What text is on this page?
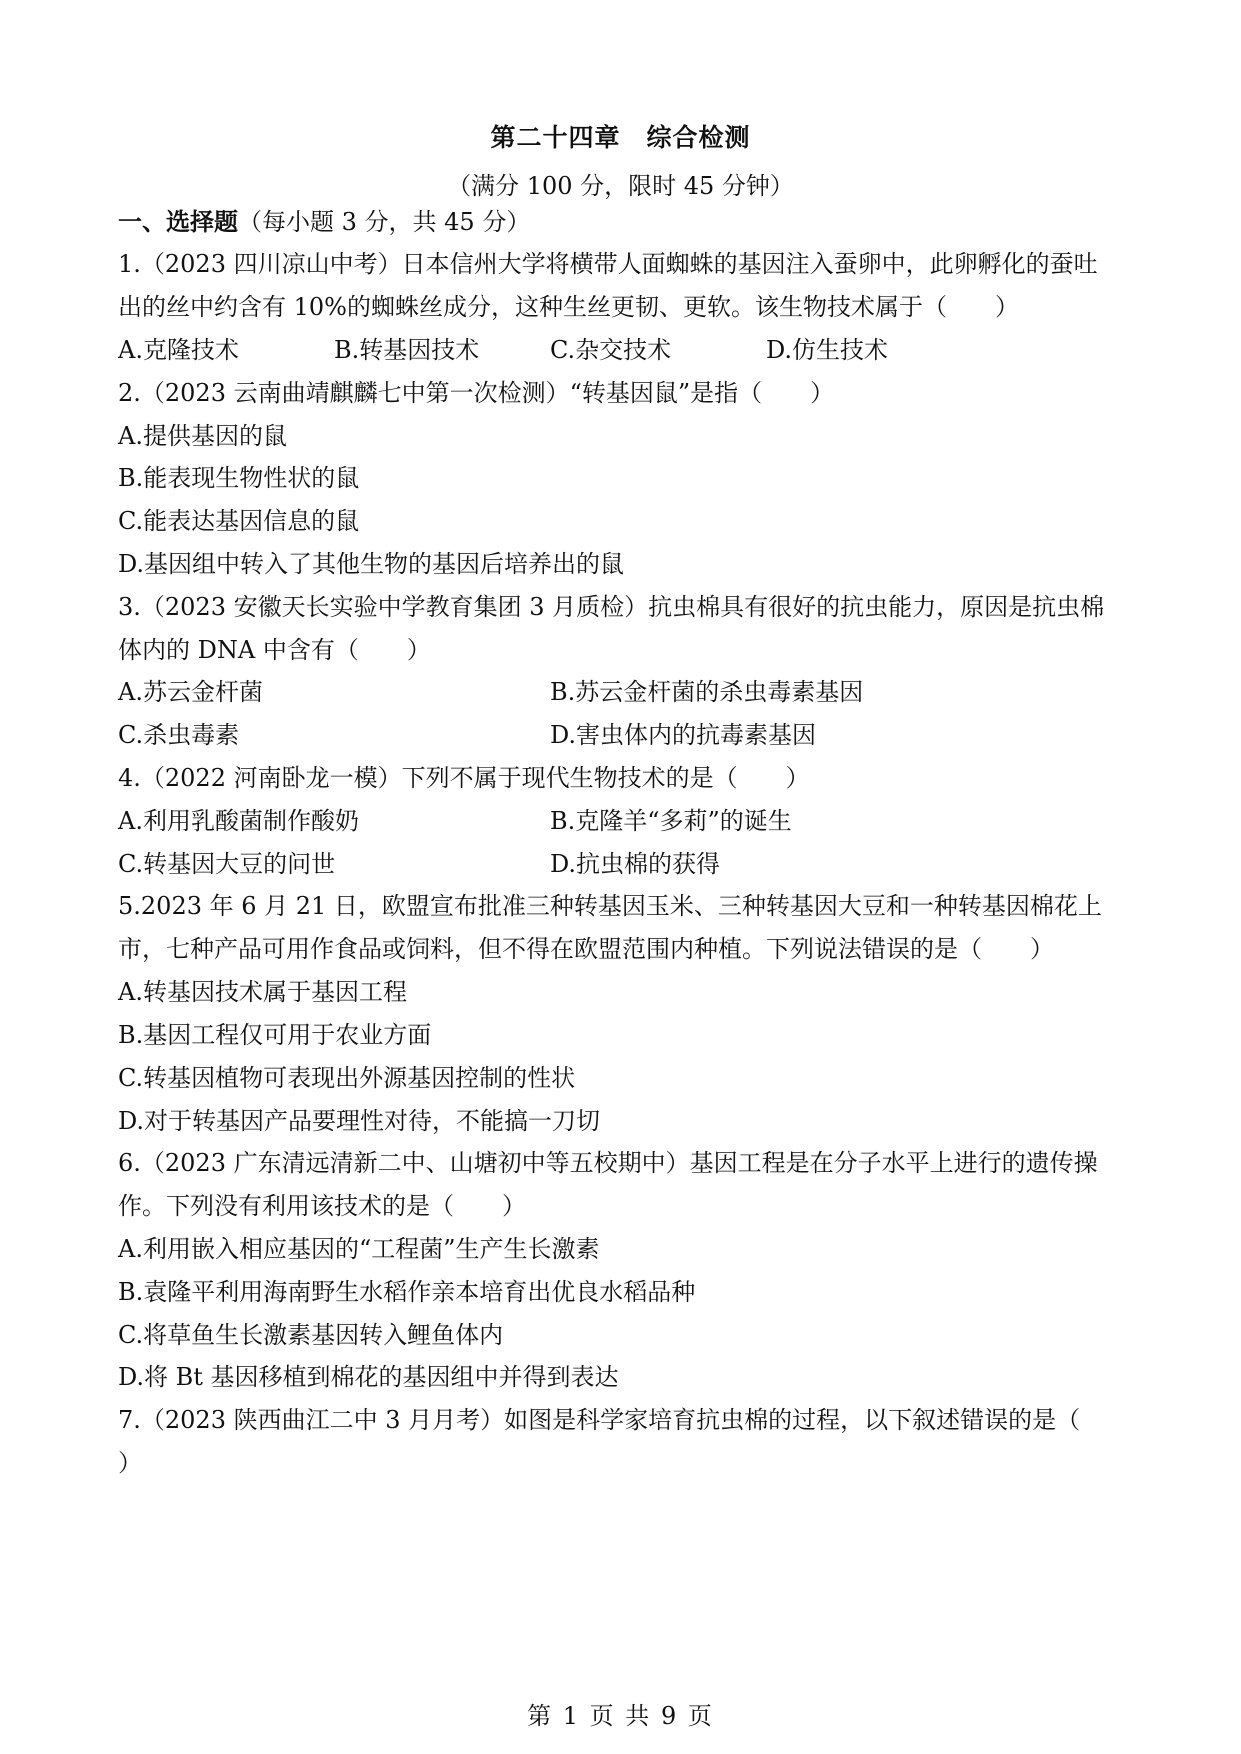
第二十四章　综合检测
（满分 100 分，限时 45 分钟）
一、选择题（每小题 3 分，共 45 分）
1.（2023 四川凉山中考）日本信州大学将横带人面蜘蛛的基因注入蚕卵中，此卵孵化的蚕吐
出的丝中约含有 10%的蜘蛛丝成分，这种生丝更韧、更软。该生物技术属于（　　）
A.克隆技术	B.转基因技术	C.杂交技术	D.仿生技术
2.（2023 云南曲靖麒麟七中第一次检测）“转基因鼠”是指（　　）
A.提供基因的鼠
B.能表现生物性状的鼠
C.能表达基因信息的鼠
D.基因组中转入了其他生物的基因后培养出的鼠
3.（2023 安徽天长实验中学教育集团 3 月质检）抗虫棉具有很好的抗虫能力，原因是抗虫棉
体内的 DNA 中含有（　　）
A.苏云金杆菌	B.苏云金杆菌的杀虫毒素基因
C.杀虫毒素	D.害虫体内的抗毒素基因
4.（2022 河南卧龙一模）下列不属于现代生物技术的是（　　）
A.利用乳酸菌制作酸奶	B.克隆羊“多莉”的诞生
C.转基因大豆的问世	D.抗虫棉的获得
5.2023 年 6 月 21 日，欧盟宣布批准三种转基因玉米、三种转基因大豆和一种转基因棉花上
市，七种产品可用作食品或饲料，但不得在欧盟范围内种植。下列说法错误的是（　　）
A.转基因技术属于基因工程
B.基因工程仅可用于农业方面
C.转基因植物可表现出外源基因控制的性状
D.对于转基因产品要理性对待，不能搞一刀切
6.（2023 广东清远清新二中、山塘初中等五校期中）基因工程是在分子水平上进行的遗传操
作。下列没有利用该技术的是（　　）
A.利用嵌入相应基因的“工程菌”生产生长激素
B.袁隆平利用海南野生水稻作亲本培育出优良水稻品种
C.将草鱼生长激素基因转入鲤鱼体内
D.将 Bt 基因移植到棉花的基因组中并得到表达
7.（2023 陕西曲江二中 3 月月考）如图是科学家培育抗虫棉的过程，以下叙述错误的是（
）
第 1 页 共 9 页
